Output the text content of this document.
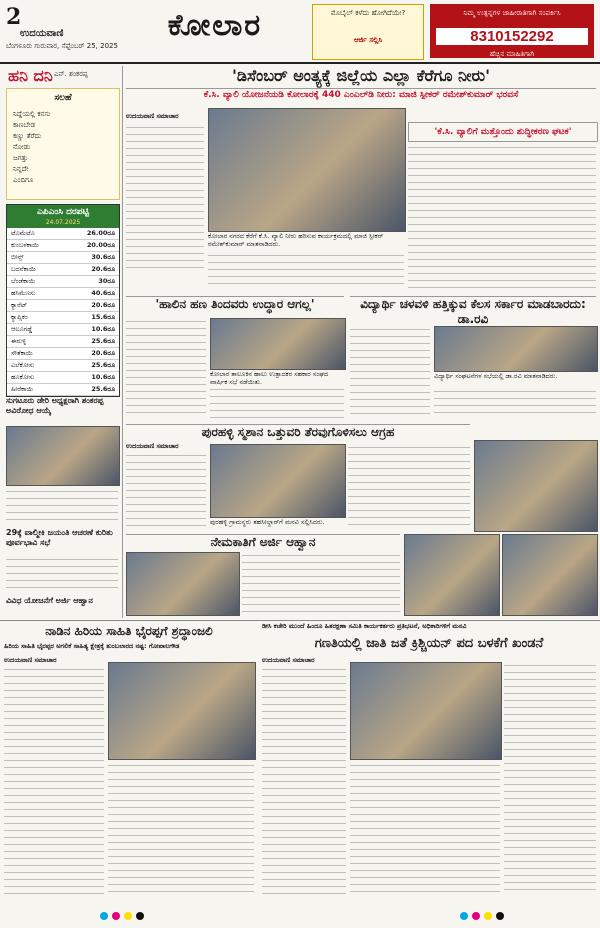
2
ಉದಯವಾಣಿ
ಬೆಂಗಳೂರು ಗುರುವಾರ, ಸೆಪ್ಟೆಂಬರ್ 25, 2025
ಕೋಲಾರ	ಮೊಬೈಲ್ ಕಳೆದು ಹೋಗಿದೆಯೇ?
ಆರ್ಜಿ ಸಲ್ಲಿಸಿ
ನಿಮ್ಮ ಉತ್ಪನ್ನಗಳ ಜಾಹೀರಾತಿಗಾಗಿ ಸಂಪರ್ಕಿಸಿ
8310152292
ಹೆಚ್ಚಿನ ಮಾಹಿತಿಗಾಗಿ
ಹನಿ ದನಿ ಎನ್. ಶಂಕರಪ್ಪ
ಸಲಹೆ
ನಿದ್ದೆಯಲ್ಲಿ ಕನಸು
ಕಾಣಬೇಡ
ಕಣ್ಣು ತೆರೆದು
ನೋಡು
ಜಗತ್ತು
ನಿನ್ನದೇ
ಎಂದಿಗೂ
ಎಪಿಎಂಸಿ ದರಪಟ್ಟಿ
24.07.2025
ಟೊಮೆಟೊ	26.00ರೂ
ಕುಂಬಳಕಾಯಿ	20.00ರೂ
ಬೀನ್ಸ್	30.6ರೂ
ಬದನೆಕಾಯಿ	20.6ರೂ
ಬೆಂಡೆಕಾಯಿ	30ರೂ
ಹಸಿಮೆಣಸು	40.6ರೂ
ಕ್ಯಾರೆಟ್	20.6ರೂ
ಕ್ಯಾಪ್ಸಿಕಂ	15.6ರೂ
ಆಲೂಗಡ್ಡೆ	10.6ರೂ
ಈರುಳ್ಳಿ	25.6ರೂ
ಸೌತೆಕಾಯಿ	20.6ರೂ
ಎಲೆಕೋಸು	25.6ರೂ
ಹೂಕೋಸು	10.6ರೂ
ಹೀರೆಕಾಯಿ	25.6ರೂ
ಸುಗಟೂರು ಡೇರಿ ಅಧ್ಯಕ್ಷರಾಗಿ ಶಂಕರಪ್ಪ ಅವಿರೋಧ ಆಯ್ಕೆ
29ಕ್ಕೆ ವಾಲ್ಮೀಕಿ ಜಯಂತಿ ಆಚರಣೆ ಕುರಿತು ಪೂರ್ವಭಾವಿ ಸಭೆ
ವಿವಿಧ ಯೋಜನೆಗೆ ಅರ್ಜಿ ಆಹ್ವಾನ
'ಡಿಸೆಂಬರ್ ಅಂತ್ಯಕ್ಕೆ ಜಿಲ್ಲೆಯ ಎಲ್ಲಾ ಕೆರೆಗೂ ನೀರು'
ಕೆ.ಸಿ. ವ್ಯಾಲಿ ಯೋಜನೆಯಡಿ ಕೋಲಾರಕ್ಕೆ 440 ಎಂಎಲ್‌ಡಿ ನೀರು: ಮಾಜಿ ಸ್ಪೀಕರ್ ರಮೇಶ್‌ಕುಮಾರ್ ಭರವಸೆ
ಉದಯವಾಣಿ ಸಮಾಚಾರ
ಕೋಲಾರ ನಗರದ ಕೆರೆಗೆ ಕೆ.ಸಿ. ವ್ಯಾಲಿ ನೀರು ಹರಿಸುವ ಕಾರ್ಯಕ್ರಮದಲ್ಲಿ ಮಾಜಿ ಸ್ಪೀಕರ್ ರಮೇಶ್‌ಕುಮಾರ್ ಮಾತನಾಡಿದರು.
'ಕೆ.ಸಿ. ವ್ಯಾಲಿಗೆ ಮತ್ತೊಂದು ಶುದ್ಧೀಕರಣ ಘಟಕ'
'ಹಾಲಿನ ಹಣ ತಿಂದವರು ಉದ್ಧಾರ ಆಗಲ್ಲ'
ಕೋಲಾರ ತಾಲೂಕಿನ ಹಾಲು ಉತ್ಪಾದಕರ ಸಹಕಾರ ಸಂಘದ ವಾರ್ಷಿಕ ಸಭೆ ನಡೆಯಿತು.
ವಿದ್ಯಾರ್ಥಿ ಚಳವಳಿ ಹತ್ತಿಕ್ಕುವ ಕೆಲಸ ಸರ್ಕಾರ ಮಾಡಬಾರದು: ಡಾ.ರವಿ
ವಿದ್ಯಾರ್ಥಿ ಸಂಘಟನೆಗಳ ಸಭೆಯಲ್ಲಿ ಡಾ.ರವಿ ಮಾತನಾಡಿದರು.
ಪುರಹಳ್ಳಿ ಸ್ಮಶಾನ ಒತ್ತುವರಿ ತೆರವುಗೊಳಿಸಲು ಆಗ್ರಹ
ಉದಯವಾಣಿ ಸಮಾಚಾರ
ಪುರಹಳ್ಳಿ ಗ್ರಾಮಸ್ಥರು ತಹಸೀಲ್ದಾರ್‌ಗೆ ಮನವಿ ಸಲ್ಲಿಸಿದರು.
ನೇಮಕಾತಿಗೆ ಅರ್ಜಿ ಆಹ್ವಾನ
ನಾಡಿನ ಹಿರಿಯ ಸಾಹಿತಿ ಭೈರಪ್ಪಗೆ ಶ್ರದ್ಧಾಂಜಲಿ
ಹಿರಿಯ ಸಾಹಿತಿ ಭೈರಪ್ಪರ ಅಗಲಿಕೆ ಸಾಹಿತ್ಯ ಕ್ಷೇತ್ರಕ್ಕೆ ತುಂಬಲಾರದ ನಷ್ಟ: ಗೋಪಾಲಗೌಡ
ಉದಯವಾಣಿ ಸಮಾಚಾರ
ಡೀಸಿ ಕಚೇರಿ ಮುಂದೆ ಹಿಂದೂ ಹಿತರಕ್ಷಣಾ ಸಮಿತಿ ಕಾರ್ಯಕರ್ತರು ಪ್ರತಿಭಟನೆ, ಅಧಿಕಾರಿಗಳಿಗೆ ಮನವಿ
ಗಣತಿಯಲ್ಲಿ ಜಾತಿ ಜತೆ ಕ್ರಿಶ್ಚಿಯನ್ ಪದ ಬಳಕೆಗೆ ಖಂಡನೆ
ಉದಯವಾಣಿ ಸಮಾಚಾರ
